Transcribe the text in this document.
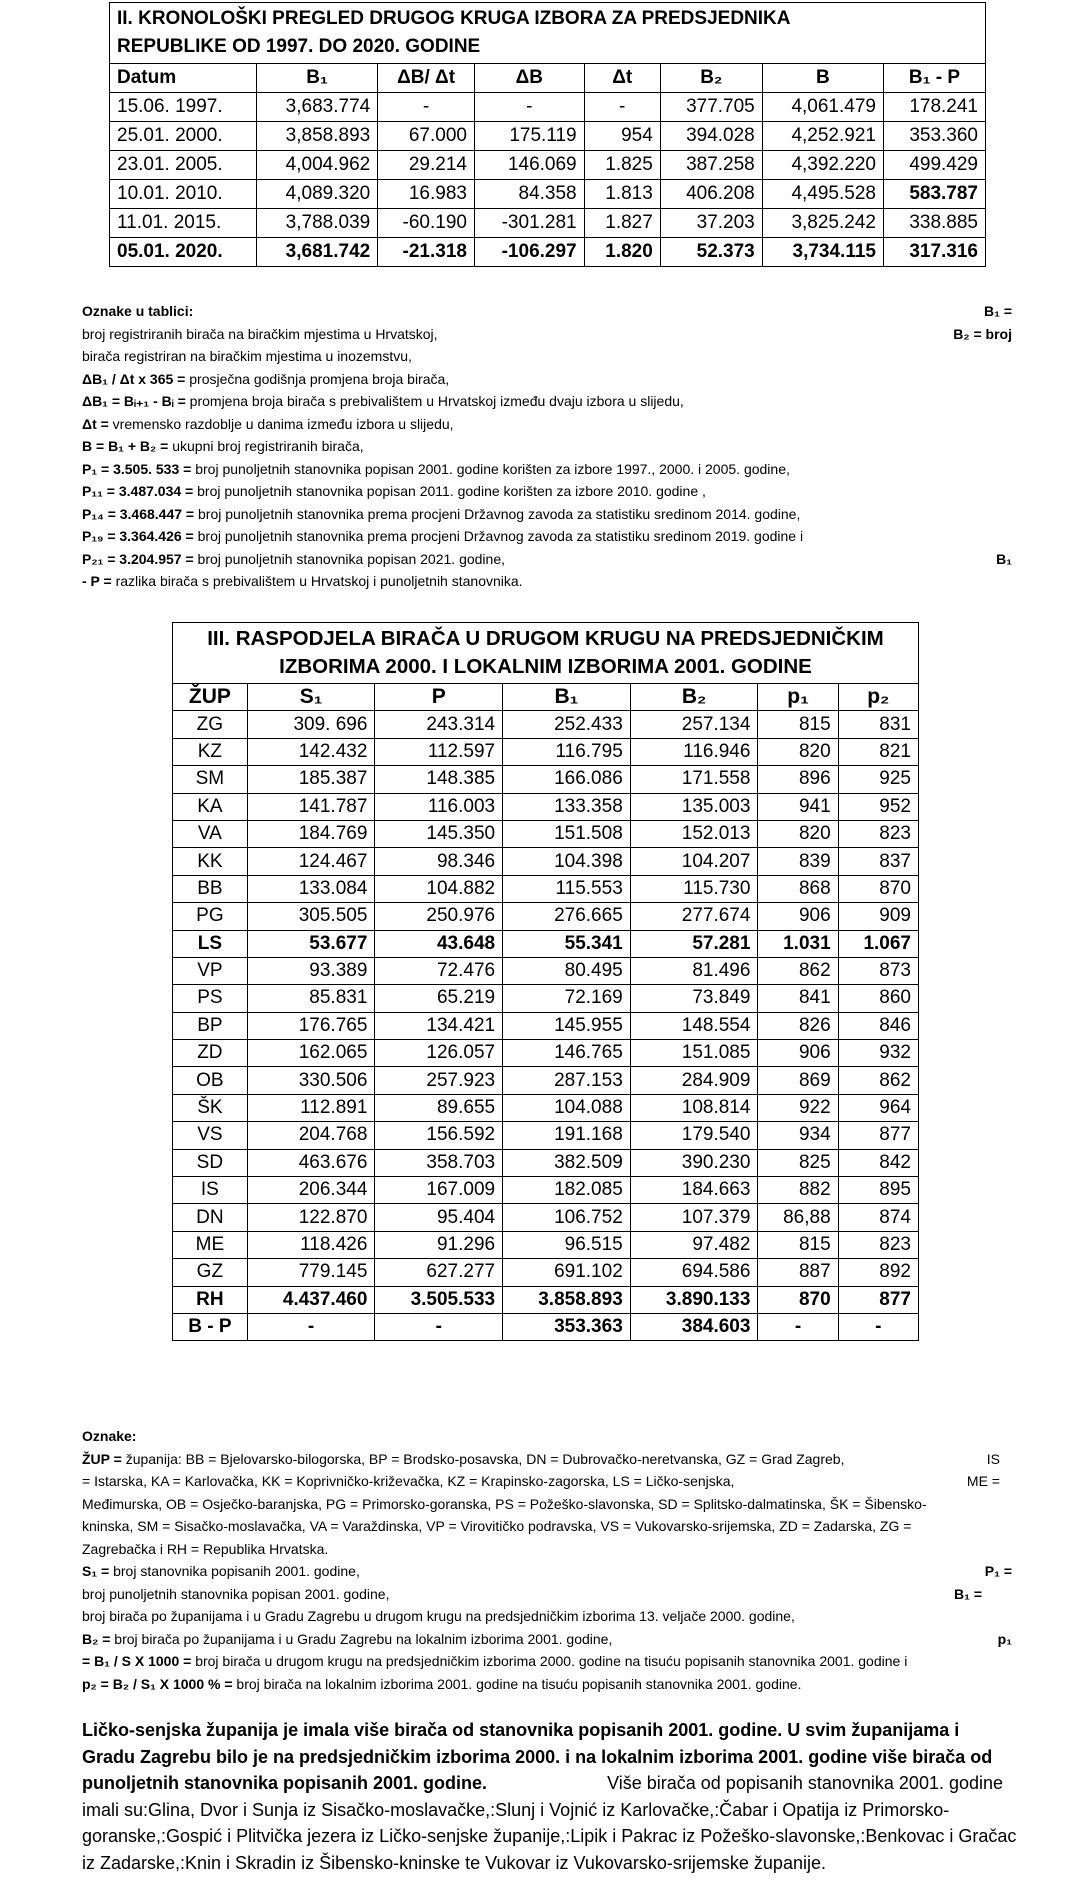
II. KRONOLOŠKI PREGLED DRUGOG KRUGA IZBORA ZA PREDSJEDNIKA
REPUBLIKE OD 1997. DO 2020. GODINE							

Datum	B₁	ΔB/ Δt	ΔB	Δt	B₂	B	B₁ - P
15.06. 1997.	3,683.774	-	-	-	377.705	4,061.479	178.241
25.01. 2000.	3,858.893	67.000	175.119	954	394.028	4,252.921	353.360
23.01. 2005.	4,004.962	29.214	146.069	1.825	387.258	4,392.220	499.429
10.01. 2010.	4,089.320	16.983	84.358	1.813	406.208	4,495.528	583.787
11.01. 2015.	3,788.039	-60.190	-301.281	1.827	37.203	3,825.242	338.885
05.01. 2020.	3,681.742	-21.318	-106.297	1.820	52.373	3,734.115	317.316
Oznake u tablici:	B₁ =
broj registriranih birača na biračkim mjestima u Hrvatskoj,	B₂ = broj
birača registriran na biračkim mjestima u inozemstvu,
ΔB₁ / Δt x 365 = prosječna godišnja promjena broja birača,
ΔB₁ = Bᵢ₊₁ - Bᵢ = promjena broja birača s prebivalištem u Hrvatskoj između dvaju izbora u slijedu,
Δt = vremensko razdoblje u danima između izbora u slijedu,
B = B₁ + B₂ = ukupni broj registriranih birača,
P₁ = 3.505. 533 = broj punoljetnih stanovnika popisan 2001. godine korišten za izbore 1997., 2000. i 2005. godine,
P₁₁ = 3.487.034 = broj punoljetnih stanovnika popisan 2011. godine korišten za izbore 2010. godine ,
P₁₄ = 3.468.447 = broj punoljetnih stanovnika prema procjeni Državnog zavoda za statistiku sredinom 2014. godine,
P₁₉ = 3.364.426 = broj punoljetnih stanovnika prema procjeni Državnog zavoda za statistiku sredinom 2019. godine i
P₂₁ = 3.204.957 = broj punoljetnih stanovnika popisan 2021. godine,	B₁
- P = razlika birača s prebivalištem u Hrvatskoj i punoljetnih stanovnika.
III. RASPODJELA BIRAČA U DRUGOM KRUGU NA PREDSJEDNIČKIM
IZBORIMA 2000. I LOKALNIM IZBORIMA 2001. GODINE						

ŽUP	S₁	P	B₁	B₂	p₁	p₂
ZG	309. 696	243.314	252.433	257.134	815	831
KZ	142.432	112.597	116.795	116.946	820	821
SM	185.387	148.385	166.086	171.558	896	925
KA	141.787	116.003	133.358	135.003	941	952
VA	184.769	145.350	151.508	152.013	820	823
KK	124.467	98.346	104.398	104.207	839	837
BB	133.084	104.882	115.553	115.730	868	870
PG	305.505	250.976	276.665	277.674	906	909
LS	53.677	43.648	55.341	57.281	1.031	1.067
VP	93.389	72.476	80.495	81.496	862	873
PS	85.831	65.219	72.169	73.849	841	860
BP	176.765	134.421	145.955	148.554	826	846
ZD	162.065	126.057	146.765	151.085	906	932
OB	330.506	257.923	287.153	284.909	869	862
ŠK	112.891	89.655	104.088	108.814	922	964
VS	204.768	156.592	191.168	179.540	934	877
SD	463.676	358.703	382.509	390.230	825	842
IS	206.344	167.009	182.085	184.663	882	895
DN	122.870	95.404	106.752	107.379	86,88	874
ME	118.426	91.296	96.515	97.482	815	823
GZ	779.145	627.277	691.102	694.586	887	892
RH	4.437.460	3.505.533	3.858.893	3.890.133	870	877
B - P	-	-	353.363	384.603	-	-
Oznake:
ŽUP = županija: BB = Bjelovarsko-bilogorska, BP = Brodsko-posavska, DN = Dubrovačko-neretvanska, GZ = Grad Zagreb,	IS
= Istarska, KA = Karlovačka, KK = Koprivničko-križevačka, KZ = Krapinsko-zagorska, LS = Ličko-senjska,	ME =
Međimurska, OB = Osječko-baranjska, PG = Primorsko-goranska, PS = Požeško-slavonska, SD = Splitsko-dalmatinska, ŠK = Šibensko-
kninska, SM = Sisačko-moslavačka, VA = Varaždinska, VP = Virovitičko podravska, VS = Vukovarsko-srijemska, ZD = Zadarska, ZG =
Zagrebačka i RH = Republika Hrvatska.
S₁ = broj stanovnika popisanih 2001. godine,	P₁ =
broj punoljetnih stanovnika popisan 2001. godine,	B₁ =
broj birača po županijama i u Gradu Zagrebu u drugom krugu na predsjedničkim izborima 13. veljače 2000. godine,
B₂ = broj birača po županijama i u Gradu Zagrebu na lokalnim izborima 2001. godine,	p₁
= B₁ / S X 1000 = broj birača u drugom krugu na predsjedničkim izborima 2000. godine na tisuću popisanih stanovnika 2001. godine i
p₂ = B₂ / S₁ X 1000 % = broj birača na lokalnim izborima 2001. godine na tisuću popisanih stanovnika 2001. godine.
Ličko-senjska županija je imala više birača od stanovnika popisanih 2001. godine. U svim županijama i Gradu Zagrebu bilo je na predsjedničkim izborima 2000. i na lokalnim izborima 2001. godine više birača od punoljetnih stanovnika popisanih 2001. godine.	Više birača od popisanih stanovnika 2001. godine imali su:Glina, Dvor i Sunja iz Sisačko-moslavačke,:Slunj i Vojnić iz Karlovačke,:Čabar i Opatija iz Primorsko-goranske,:Gospić i Plitvička jezera iz Ličko-senjske županije,:Lipik i Pakrac iz Požeško-slavonske,:Benkovac i Gračac iz Zadarske,:Knin i Skradin iz Šibensko-kninske te Vukovar iz Vukovarsko-srijemske županije.
